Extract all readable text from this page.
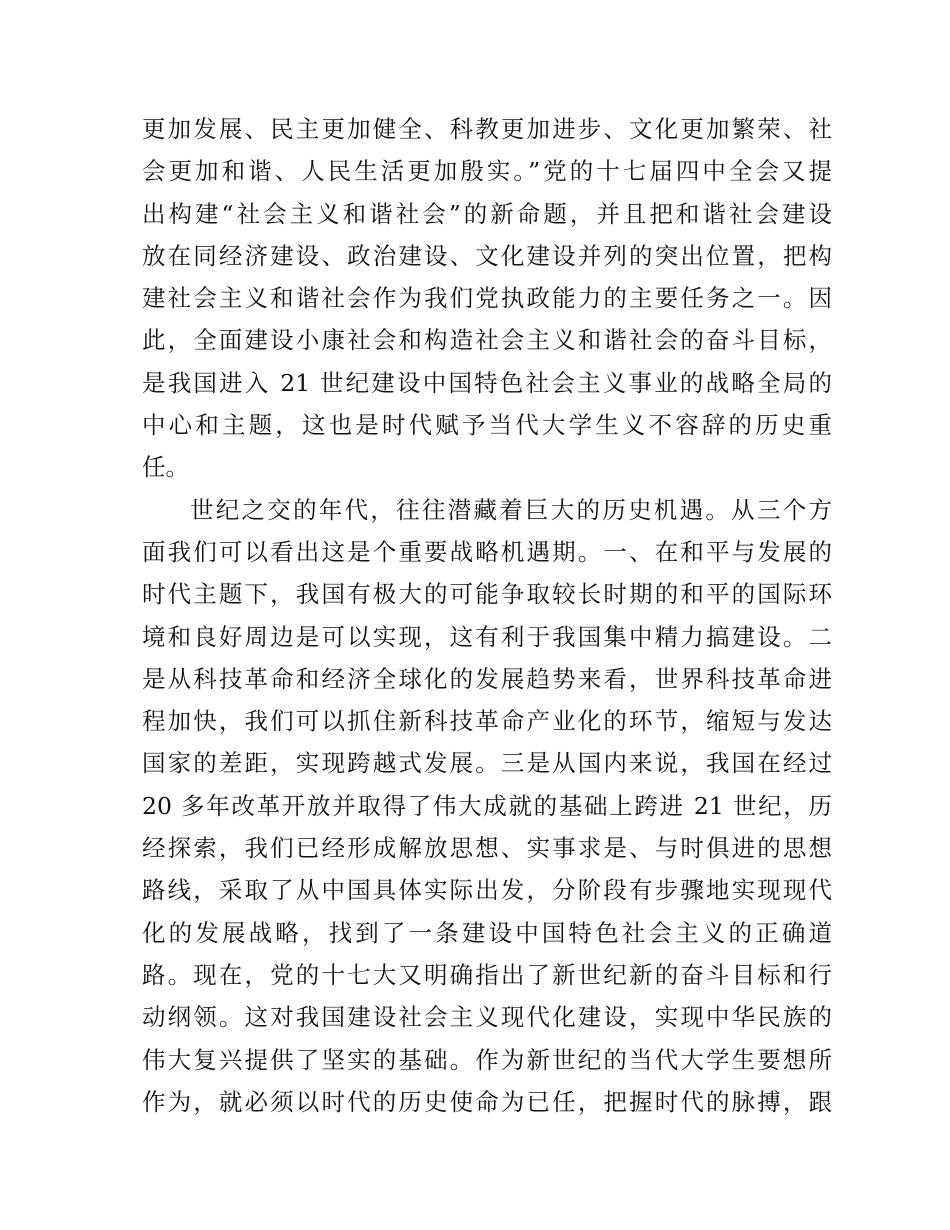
更加发展、民主更加健全、科教更加进步、文化更加繁荣、社
会更加和谐、人民生活更加殷实。”党的十七届四中全会又提
出构建“社会主义和谐社会”的新命题，并且把和谐社会建设
放在同经济建设、政治建设、文化建设并列的突出位置，把构
建社会主义和谐社会作为我们党执政能力的主要任务之一。因
此，全面建设小康社会和构造社会主义和谐社会的奋斗目标，
是我国进入 21 世纪建设中国特色社会主义事业的战略全局的
中心和主题，这也是时代赋予当代大学生义不容辞的历史重
任。
世纪之交的年代，往往潜藏着巨大的历史机遇。从三个方
面我们可以看出这是个重要战略机遇期。一、在和平与发展的
时代主题下，我国有极大的可能争取较长时期的和平的国际环
境和良好周边是可以实现，这有利于我国集中精力搞建设。二
是从科技革命和经济全球化的发展趋势来看，世界科技革命进
程加快，我们可以抓住新科技革命产业化的环节，缩短与发达
国家的差距，实现跨越式发展。三是从国内来说，我国在经过
20 多年改革开放并取得了伟大成就的基础上跨进 21 世纪，历
经探索，我们已经形成解放思想、实事求是、与时俱进的思想
路线，采取了从中国具体实际出发，分阶段有步骤地实现现代
化的发展战略，找到了一条建设中国特色社会主义的正确道
路。现在，党的十七大又明确指出了新世纪新的奋斗目标和行
动纲领。这对我国建设社会主义现代化建设，实现中华民族的
伟大复兴提供了坚实的基础。作为新世纪的当代大学生要想所
作为，就必须以时代的历史使命为已任，把握时代的脉搏，跟
